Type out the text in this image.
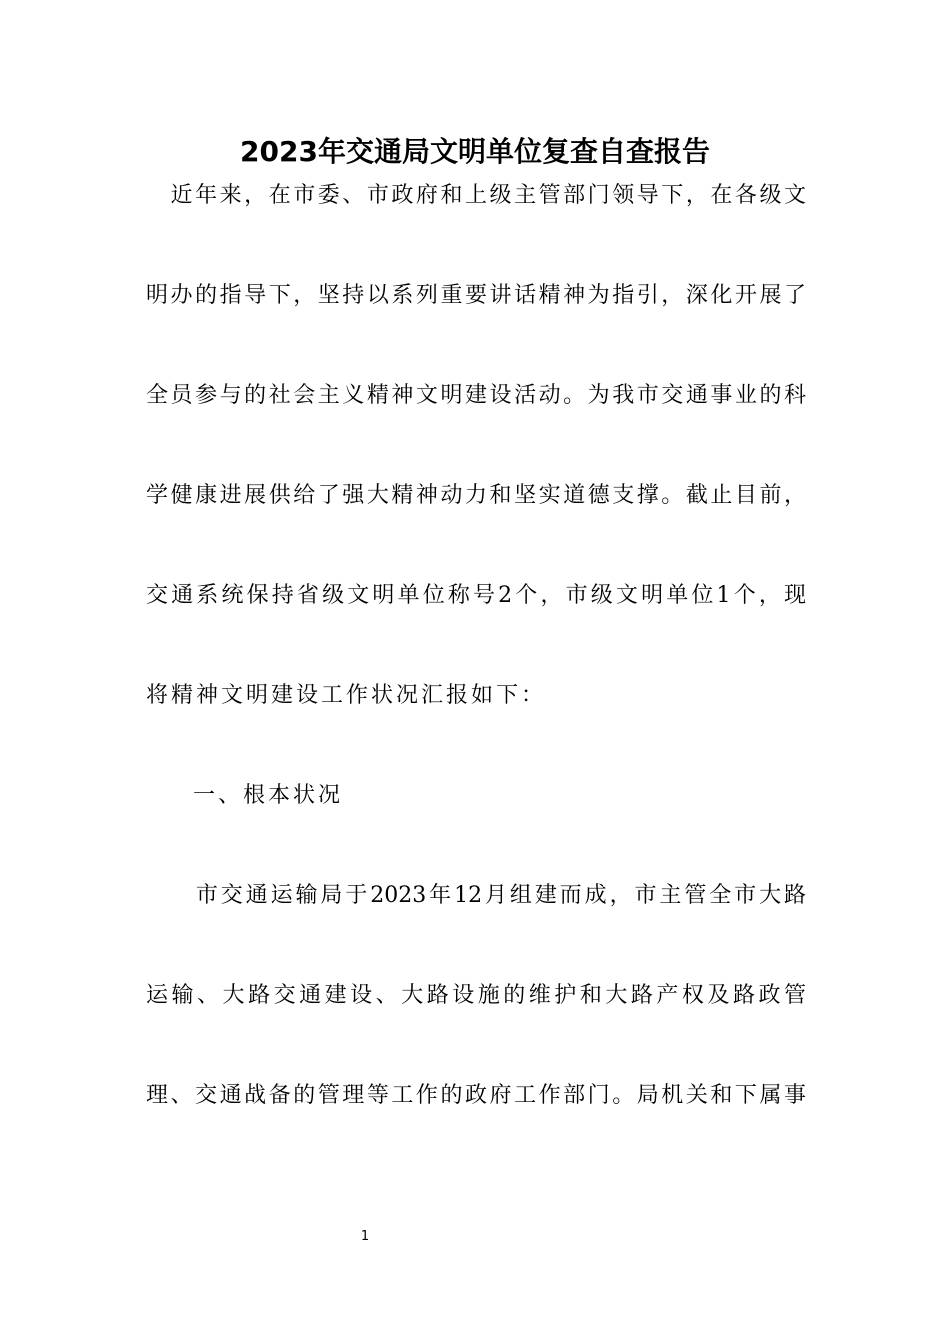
2023年交通局文明单位复查自查报告
　近年来，在市委、市政府和上级主管部门领导下，在各级文
明办的指导下，坚持以系列重要讲话精神为指引，深化开展了
全员参与的社会主义精神文明建设活动。为我市交通事业的科
学健康进展供给了强大精神动力和坚实道德支撑。截止目前，
交通系统保持省级文明单位称号2个，市级文明单位1个，现
将精神文明建设工作状况汇报如下：
一、根本状况
　　市交通运输局于2023年12月组建而成，市主管全市大路
运输、大路交通建设、大路设施的维护和大路产权及路政管
理、交通战备的管理等工作的政府工作部门。局机关和下属事
1
